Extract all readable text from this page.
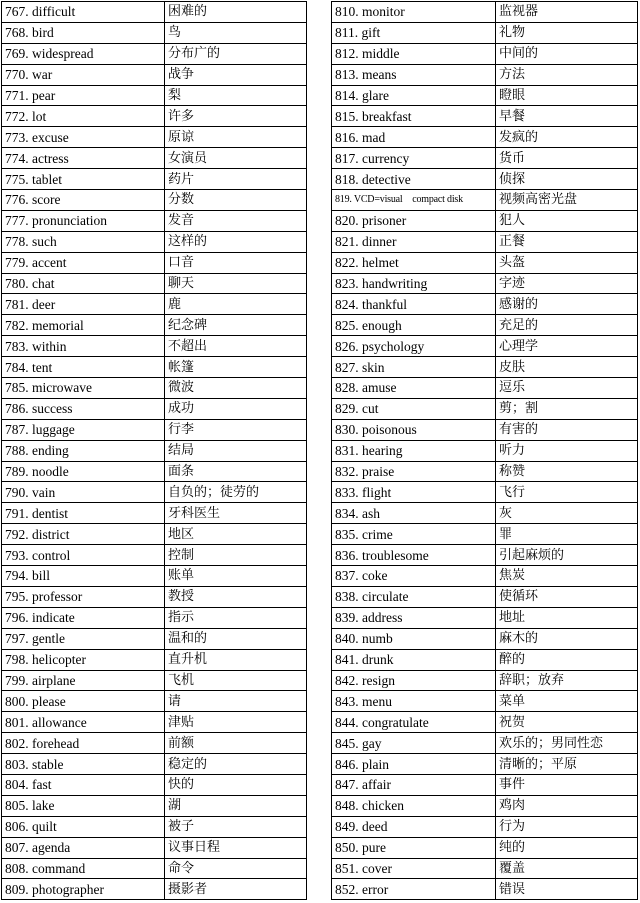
767. difficult	困难的
768. bird	鸟
769. widespread	分布广的
770. war	战争
771. pear	梨
772. lot	许多
773. excuse	原谅
774. actress	女演员
775. tablet	药片
776. score	分数
777. pronunciation	发音
778. such	这样的
779. accent	口音
780. chat	聊天
781. deer	鹿
782. memorial	纪念碑
783. within	不超出
784. tent	帐篷
785. microwave	微波
786. success	成功
787. luggage	行李
788. ending	结局
789. noodle	面条
790. vain	自负的；徒劳的
791. dentist	牙科医生
792. district	地区
793. control	控制
794. bill	账单
795. professor	教授
796. indicate	指示
797. gentle	温和的
798. helicopter	直升机
799. airplane	飞机
800. please	请
801. allowance	津贴
802. forehead	前额
803. stable	稳定的
804. fast	快的
805. lake	湖
806. quilt	被子
807. agenda	议事日程
808. command	命令
809. photographer	摄影者
810. monitor	监视器
811. gift	礼物
812. middle	中间的
813. means	方法
814. glare	瞪眼
815. breakfast	早餐
816. mad	发疯的
817. currency	货币
818. detective	侦探
819. VCD=visual　compact disk	视频高密光盘
820. prisoner	犯人
821. dinner	正餐
822. helmet	头盔
823. handwriting	字迹
824. thankful	感谢的
825. enough	充足的
826. psychology	心理学
827. skin	皮肤
828. amuse	逗乐
829. cut	剪；割
830. poisonous	有害的
831. hearing	听力
832. praise	称赞
833. flight	飞行
834. ash	灰
835. crime	罪
836. troublesome	引起麻烦的
837. coke	焦炭
838. circulate	使循环
839. address	地址
840. numb	麻木的
841. drunk	醉的
842. resign	辞职；放弃
843. menu	菜单
844. congratulate	祝贺
845. gay	欢乐的；男同性恋
846. plain	清晰的；平原
847. affair	事件
848. chicken	鸡肉
849. deed	行为
850. pure	纯的
851. cover	覆盖
852. error	错误
